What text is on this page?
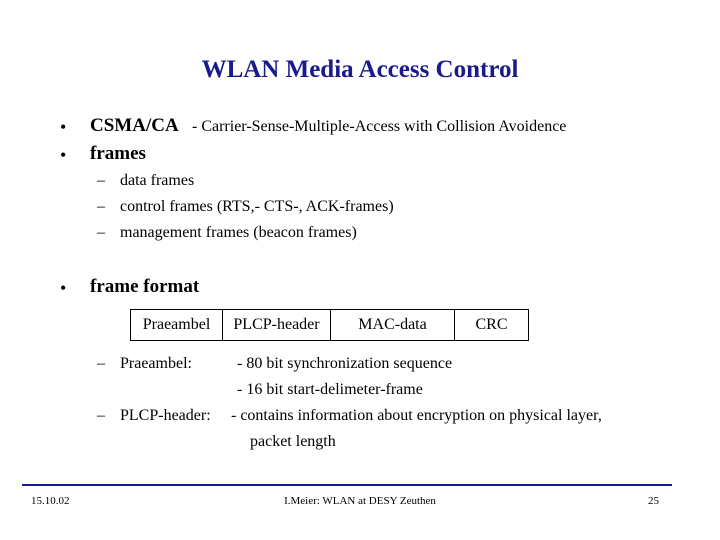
WLAN Media Access Control
• CSMA/CA - Carrier-Sense-Multiple-Access with Collision Avoidence
• frames
– data frames
– control frames (RTS,- CTS-, ACK-frames)
– management frames (beacon frames)
• frame format
Praeambel	PLCP-header	MAC-data	CRC
– Praeambel:	- 80 bit synchronization sequence
- 16 bit start-delimeter-frame
– PLCP-header: - contains information about encryption on physical layer,
packet length
15.10.02	I.Meier: WLAN at DESY Zeuthen	25
